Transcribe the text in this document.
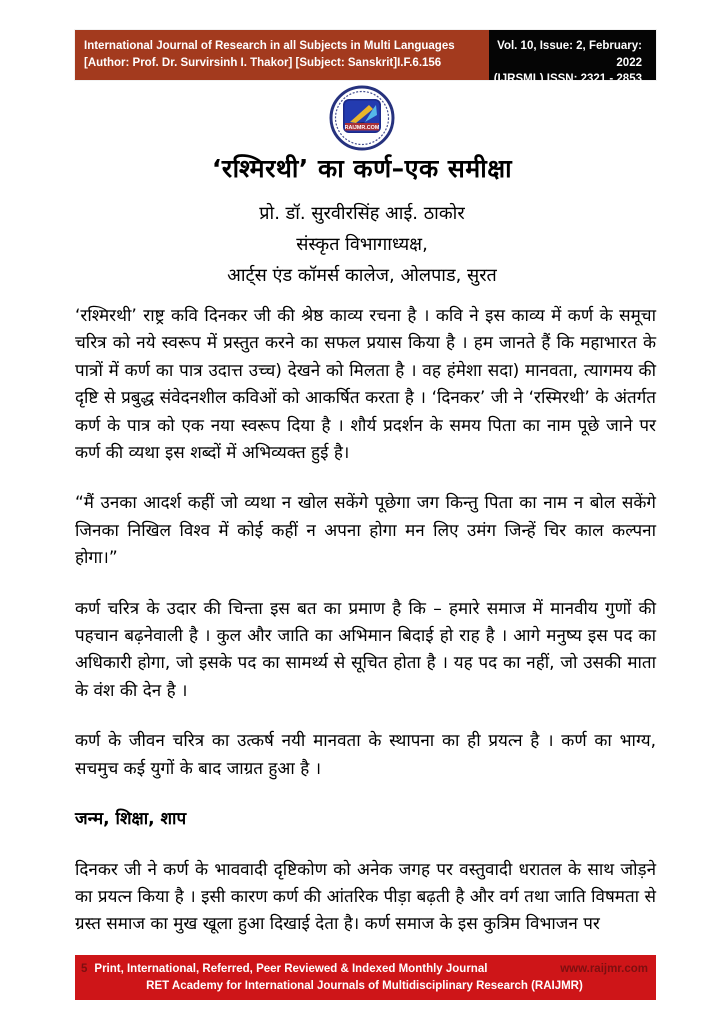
International Journal of Research in all Subjects in Multi Languages
[Author: Prof. Dr. Survirsinh I. Thakor] [Subject: Sanskrit]I.F.6.156
Vol. 10, Issue: 2, February: 2022
(IJRSML) ISSN: 2321 - 2853
RAIJMR.COM
‘रश्मिरथी’ का कर्ण–एक समीक्षा

प्रो. डॉ. सुरवीरसिंह आई. ठाकोर

संस्कृत विभागाध्यक्ष,

आर्ट्स एंड कॉमर्स कालेज, ओलपाड, सुरत

‘रश्मिरथी’ राष्ट्र कवि दिनकर जी की श्रेष्ठ काव्य रचना है । कवि ने इस काव्य में कर्ण के समूचा चरित्र को नये स्वरूप में प्रस्तुत करने का सफल प्रयास किया है । हम जानते हैं कि महाभारत के पात्रों में कर्ण का पात्र उदात्त उच्च) देखने को मिलता है । वह हंमेशा सदा) मानवता, त्यागमय की दृष्टि से प्रबुद्ध संवेदनशील कविओं को आकर्षित करता है । ‘दिनकर’ जी ने ‘रस्मिरथी’ के अंतर्गत कर्ण के पात्र को एक नया स्वरूप दिया है । शौर्य प्रदर्शन के समय पिता का नाम पूछे जाने पर कर्ण की व्यथा इस शब्दों में अभिव्यक्त हुई है।

“मैं उनका आदर्श कहीं जो व्यथा न खोल सकेंगे पूछेगा जग किन्तु पिता का नाम न बोल सकेंगे जिनका निखिल विश्व में कोई कहीं न अपना होगा मन लिए उमंग जिन्हें चिर काल कल्पना होगा।”

कर्ण चरित्र के उदार की चिन्ता इस बत का प्रमाण है कि – हमारे समाज में मानवीय गुणों की पहचान बढ़नेवाली है । कुल और जाति का अभिमान बिदाई हो राह है । आगे मनुष्य इस पद का अधिकारी होगा, जो इसके पद का सामर्थ्य से सूचित होता है । यह पद का नहीं, जो उसकी माता के वंश की देन है ।

कर्ण के जीवन चरित्र का उत्कर्ष नयी मानवता के स्थापना का ही प्रयत्न है । कर्ण का भाग्य, सचमुच कई युगों के बाद जाग्रत हुआ है ।

जन्म, शिक्षा, शाप

दिनकर जी ने कर्ण के भाववादी दृष्टिकोण को अनेक जगह पर वस्तुवादी धरातल के साथ जोड़ने का प्रयत्न किया है । इसी कारण कर्ण की आंतरिक पीड़ा बढ़ती है और वर्ग तथा जाति विषमता से ग्रस्त समाज का मुख खूला हुआ दिखाई देता है। कर्ण समाज के इस कुत्रिम विभाजन पर

5 Print, International, Referred, Peer Reviewed & Indexed Monthly Journal	www.raijmr.com
RET Academy for International Journals of Multidisciplinary Research (RAIJMR)
